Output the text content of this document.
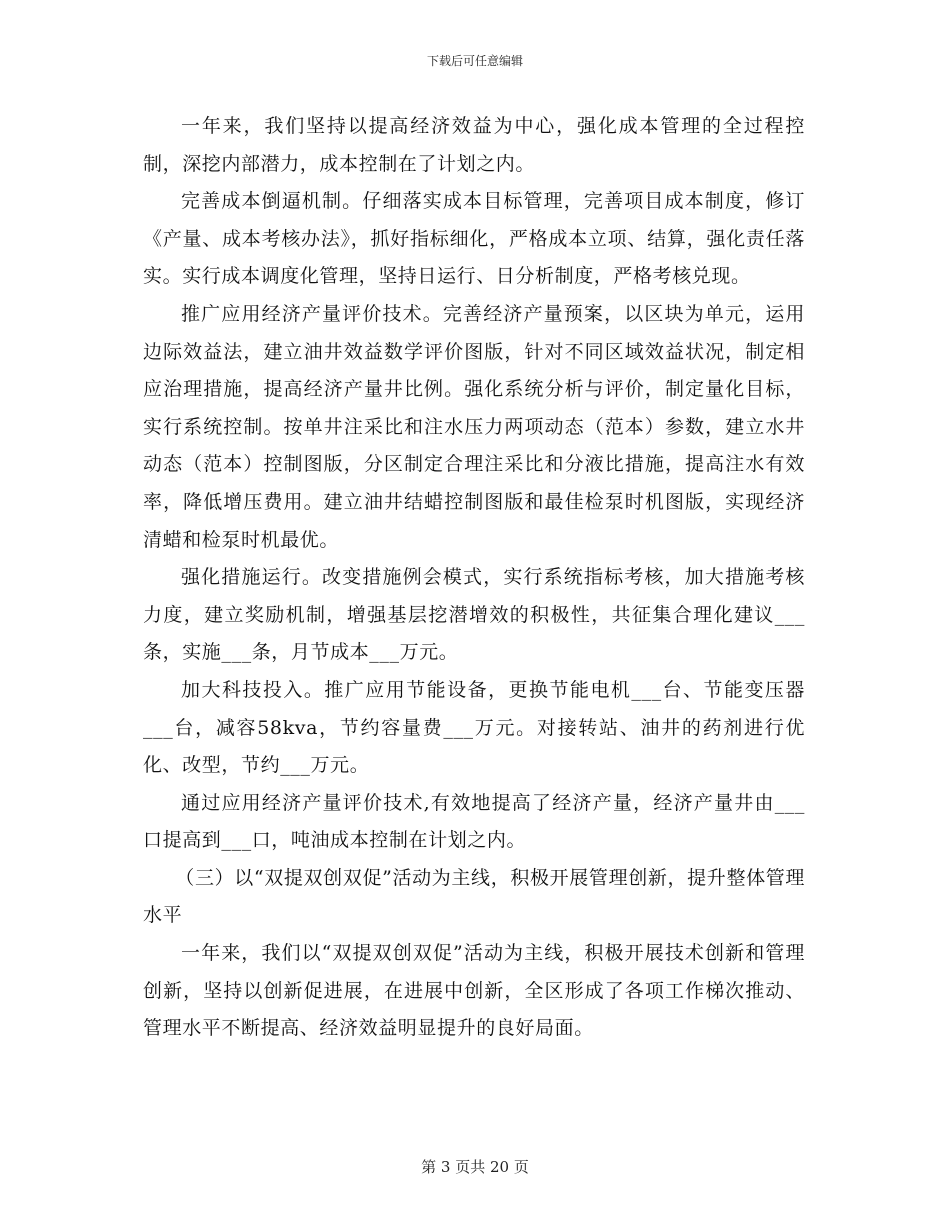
下载后可任意编辑

一年来，我们坚持以提高经济效益为中心，强化成本管理的全过程控制，深挖内部潜力，成本控制在了计划之内。

完善成本倒逼机制。仔细落实成本目标管理，完善项目成本制度，修订《产量、成本考核办法》，抓好指标细化，严格成本立项、结算，强化责任落实。实行成本调度化管理，坚持日运行、日分析制度，严格考核兑现。

推广应用经济产量评价技术。完善经济产量预案，以区块为单元，运用边际效益法，建立油井效益数学评价图版，针对不同区域效益状况，制定相应治理措施，提高经济产量井比例。强化系统分析与评价，制定量化目标，实行系统控制。按单井注采比和注水压力两项动态（范本）参数，建立水井动态（范本）控制图版，分区制定合理注采比和分液比措施，提高注水有效率，降低增压费用。建立油井结蜡控制图版和最佳检泵时机图版，实现经济清蜡和检泵时机最优。

强化措施运行。改变措施例会模式，实行系统指标考核，加大措施考核力度，建立奖励机制，增强基层挖潜增效的积极性，共征集合理化建议___条，实施___条，月节成本___万元。

加大科技投入。推广应用节能设备，更换节能电机___台、节能变压器___台，减容58kva，节约容量费___万元。对接转站、油井的药剂进行优化、改型，节约___万元。

通过应用经济产量评价技术,有效地提高了经济产量，经济产量井由___口提高到___口，吨油成本控制在计划之内。

（三）以“双提双创双促”活动为主线，积极开展管理创新，提升整体管理水平

一年来，我们以“双提双创双促”活动为主线，积极开展技术创新和管理创新，坚持以创新促进展，在进展中创新，全区形成了各项工作梯次推动、管理水平不断提高、经济效益明显提升的良好局面。

第 3 页共 20 页
